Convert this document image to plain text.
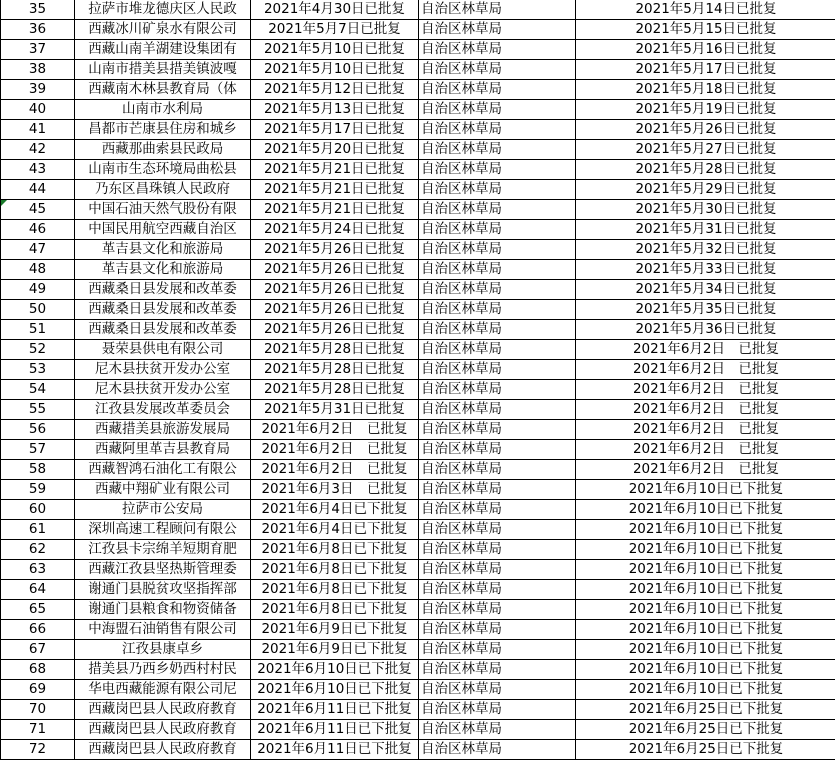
35	拉萨市堆龙德庆区人民政	2021年4月30日已批复	自治区林草局	2021年5月14日已批复
36	西藏冰川矿泉水有限公司	2021年5月7日已批复	自治区林草局	2021年5月15日已批复
37	西藏山南羊湖建设集团有	2021年5月10日已批复	自治区林草局	2021年5月16日已批复
38	山南市措美县措美镇波嘎	2021年5月10日已批复	自治区林草局	2021年5月17日已批复
39	西藏南木林县教育局（体	2021年5月12日已批复	自治区林草局	2021年5月18日已批复
40	山南市水利局	2021年5月13日已批复	自治区林草局	2021年5月19日已批复
41	昌都市芒康县住房和城乡	2021年5月17日已批复	自治区林草局	2021年5月26日已批复
42	西藏那曲索县民政局	2021年5月20日已批复	自治区林草局	2021年5月27日已批复
43	山南市生态环境局曲松县	2021年5月21日已批复	自治区林草局	2021年5月28日已批复
44	乃东区昌珠镇人民政府	2021年5月21日已批复	自治区林草局	2021年5月29日已批复
45	中国石油天然气股份有限	2021年5月21日已批复	自治区林草局	2021年5月30日已批复
46	中国民用航空西藏自治区	2021年5月24日已批复	自治区林草局	2021年5月31日已批复
47	革吉县文化和旅游局	2021年5月26日已批复	自治区林草局	2021年5月32日已批复
48	革吉县文化和旅游局	2021年5月26日已批复	自治区林草局	2021年5月33日已批复
49	西藏桑日县发展和改革委	2021年5月26日已批复	自治区林草局	2021年5月34日已批复
50	西藏桑日县发展和改革委	2021年5月26日已批复	自治区林草局	2021年5月35日已批复
51	西藏桑日县发展和改革委	2021年5月26日已批复	自治区林草局	2021年5月36日已批复
52	聂荣县供电有限公司	2021年5月28日已批复	自治区林草局	2021年6月2日　已批复
53	尼木县扶贫开发办公室	2021年5月28日已批复	自治区林草局	2021年6月2日　已批复
54	尼木县扶贫开发办公室	2021年5月28日已批复	自治区林草局	2021年6月2日　已批复
55	江孜县发展改革委员会	2021年5月31日已批复	自治区林草局	2021年6月2日　已批复
56	西藏措美县旅游发展局	2021年6月2日　已批复	自治区林草局	2021年6月2日　已批复
57	西藏阿里革吉县教育局	2021年6月2日　已批复	自治区林草局	2021年6月2日　已批复
58	西藏智鸿石油化工有限公	2021年6月2日　已批复	自治区林草局	2021年6月2日　已批复
59	西藏中翔矿业有限公司	2021年6月3日　已批复	自治区林草局	2021年6月10日已下批复
60	拉萨市公安局	2021年6月4日已下批复	自治区林草局	2021年6月10日已下批复
61	深圳高速工程顾问有限公	2021年6月4日已下批复	自治区林草局	2021年6月10日已下批复
62	江孜县卡宗绵羊短期育肥	2021年6月8日已下批复	自治区林草局	2021年6月10日已下批复
63	西藏江孜县坚热斯管理委	2021年6月8日已下批复	自治区林草局	2021年6月10日已下批复
64	谢通门县脱贫攻坚指挥部	2021年6月8日已下批复	自治区林草局	2021年6月10日已下批复
65	谢通门县粮食和物资储备	2021年6月8日已下批复	自治区林草局	2021年6月10日已下批复
66	中海盟石油销售有限公司	2021年6月9日已下批复	自治区林草局	2021年6月10日已下批复
67	江孜县康卓乡	2021年6月9日已下批复	自治区林草局	2021年6月10日已下批复
68	措美县乃西乡奶西村村民	2021年6月10日已下批复	自治区林草局	2021年6月10日已下批复
69	华电西藏能源有限公司尼	2021年6月10日已下批复	自治区林草局	2021年6月10日已下批复
70	西藏岗巴县人民政府教育	2021年6月11日已下批复	自治区林草局	2021年6月25日已下批复
71	西藏岗巴县人民政府教育	2021年6月11日已下批复	自治区林草局	2021年6月25日已下批复
72	西藏岗巴县人民政府教育	2021年6月11日已下批复	自治区林草局	2021年6月25日已下批复
